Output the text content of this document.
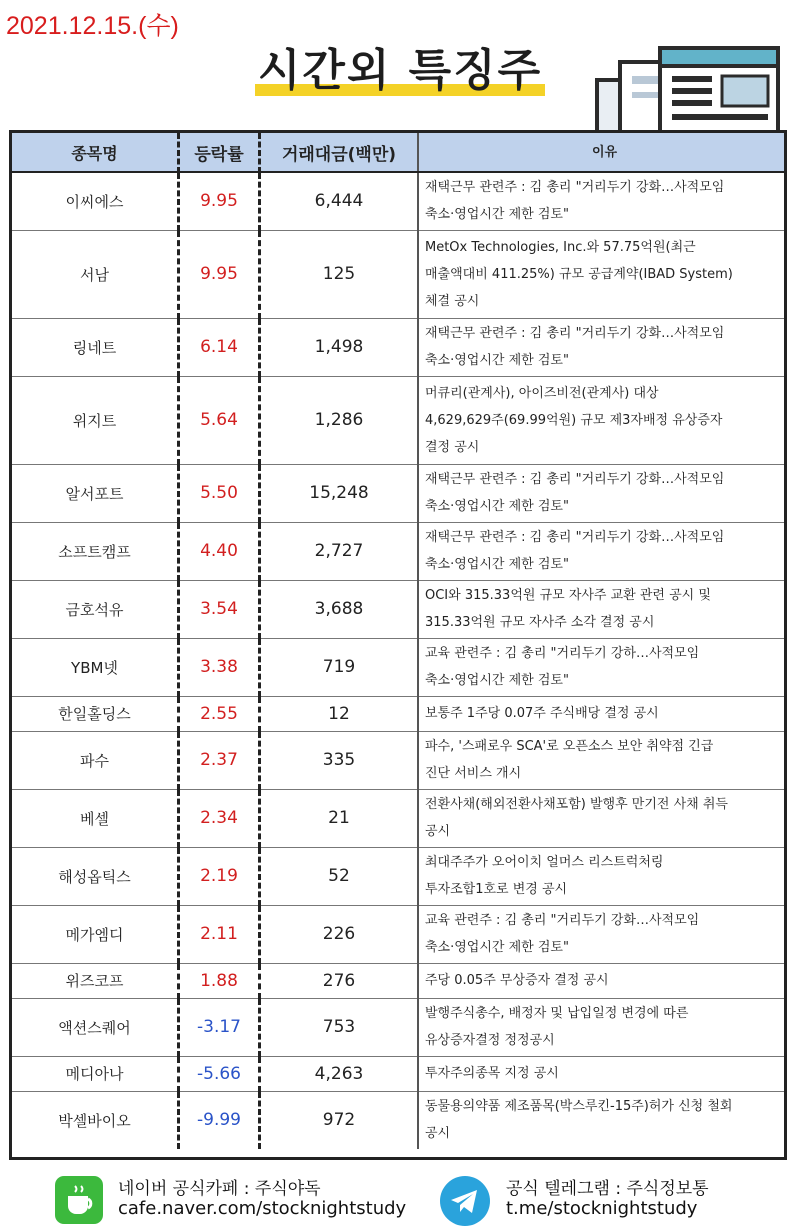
2021.12.15.(수)
시간외 특징주
종목명	등락률	거래대금(백만)	이유
이씨에스	9.95	6,444	재택근무 관련주 : 김 총리 "거리두기 강화…사적모임
축소·영업시간 제한 검토"

서남	9.95	125	MetOx Technologies, Inc.와 57.75억원(최근
매출액대비 411.25%) 규모 공급계약(IBAD System)
체결 공시

링네트	6.14	1,498	재택근무 관련주 : 김 총리 "거리두기 강화…사적모임
축소·영업시간 제한 검토"

위지트	5.64	1,286	머큐리(관계사), 아이즈비전(관계사) 대상
4,629,629주(69.99억원) 규모 제3자배정 유상증자
결정 공시

알서포트	5.50	15,248	재택근무 관련주 : 김 총리 "거리두기 강화…사적모임
축소·영업시간 제한 검토"

소프트캠프	4.40	2,727	재택근무 관련주 : 김 총리 "거리두기 강화…사적모임
축소·영업시간 제한 검토"

금호석유	3.54	3,688	OCI와 315.33억원 규모 자사주 교환 관련 공시 및
315.33억원 규모 자사주 소각 결정 공시

YBM넷	3.38	719	교육 관련주 : 김 총리 "거리두기 강하…사적모임
축소·영업시간 제한 검토"

한일홀딩스	2.55	12	보통주 1주당 0.07주 주식배당 결정 공시

파수	2.37	335	파수, '스패로우 SCA'로 오픈소스 보안 취약점 긴급
진단 서비스 개시

베셀	2.34	21	전환사채(해외전환사채포함) 발행후 만기전 사채 취득
공시

해성옵틱스	2.19	52	최대주주가 오어이치 얼머스 리스트럭처링
투자조합1호로 변경 공시

메가엠디	2.11	226	교육 관련주 : 김 총리 "거리두기 강화…사적모임
축소·영업시간 제한 검토"

위즈코프	1.88	276	주당 0.05주 무상증자 결정 공시

액션스퀘어	-3.17	753	발행주식총수, 배정자 및 납입일정 변경에 따른
유상증자결정 정정공시

메디아나	-5.66	4,263	투자주의종목 지정 공시

박셀바이오	-9.99	972	동물용의약품 제조품목(박스루킨-15주)허가 신청 철회
공시
네이버 공식카페 : 주식야독
cafe.naver.com/stocknightstudy
공식 텔레그램 : 주식정보통
t.me/stocknightstudy
